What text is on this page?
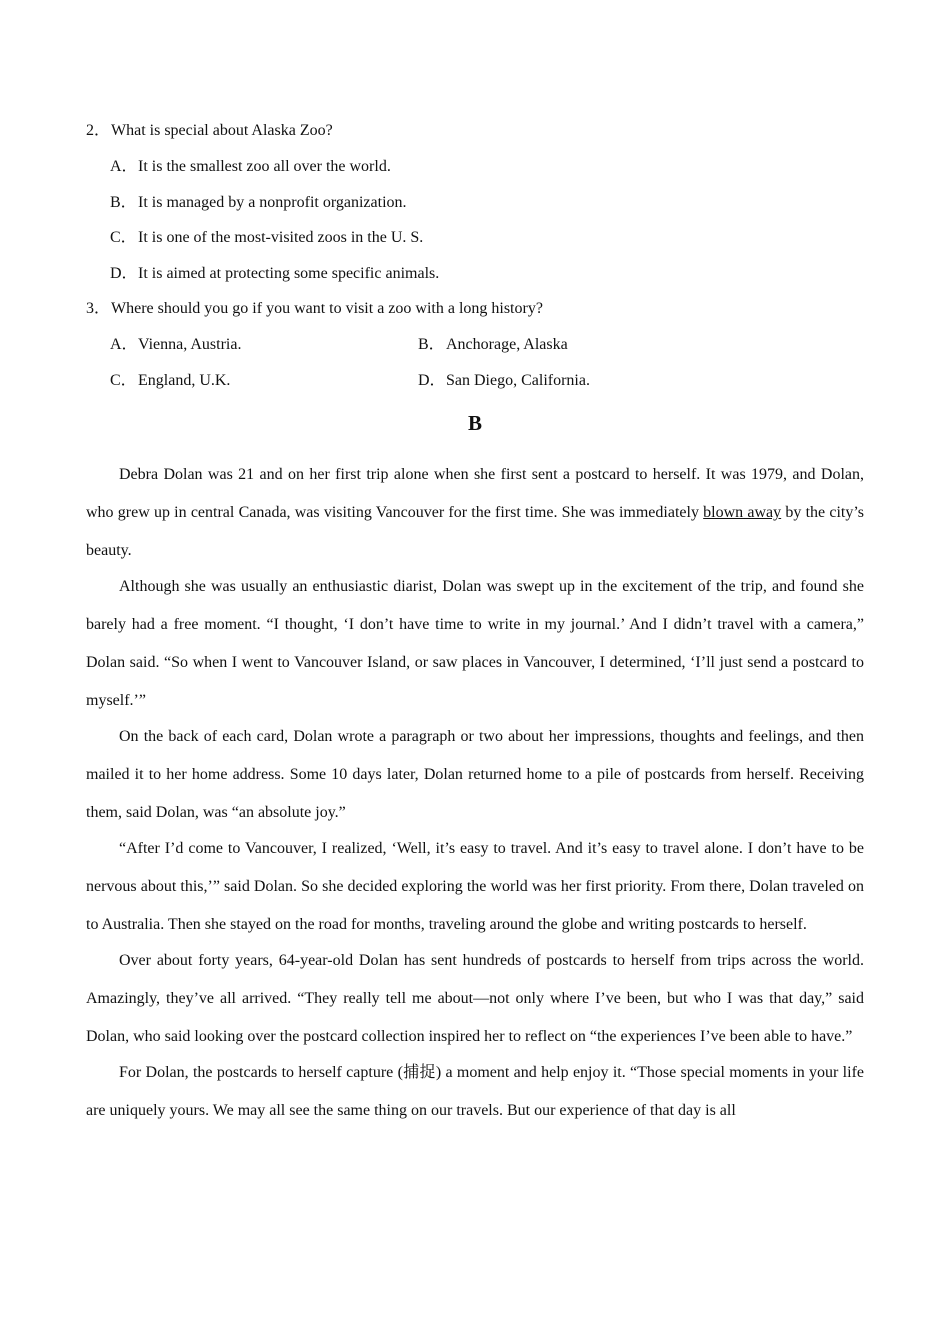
2．What is special about Alaska Zoo?
A．It is the smallest zoo all over the world.
B．It is managed by a nonprofit organization.
C．It is one of the most-visited zoos in the U. S.
D．It is aimed at protecting some specific animals.
3．Where should you go if you want to visit a zoo with a long history?
A．Vienna, Austria.	B．Anchorage, Alaska
C．England, U.K.	D．San Diego, California.
B

Debra Dolan was 21 and on her first trip alone when she first sent a postcard to herself. It was 1979, and Dolan, who grew up in central Canada, was visiting Vancouver for the first time. She was immediately blown away by the city’s beauty.

Although she was usually an enthusiastic diarist, Dolan was swept up in the excitement of the trip, and found she barely had a free moment. “I thought, ‘I don’t have time to write in my journal.’ And I didn’t travel with a camera,” Dolan said. “So when I went to Vancouver Island, or saw places in Vancouver, I determined, ‘I’ll just send a postcard to myself.’”

On the back of each card, Dolan wrote a paragraph or two about her impressions, thoughts and feelings, and then mailed it to her home address. Some 10 days later, Dolan returned home to a pile of postcards from herself. Receiving them, said Dolan, was “an absolute joy.”

“After I’d come to Vancouver, I realized, ‘Well, it’s easy to travel. And it’s easy to travel alone. I don’t have to be nervous about this,’” said Dolan. So she decided exploring the world was her first priority. From there, Dolan traveled on to Australia. Then she stayed on the road for months, traveling around the globe and writing postcards to herself.

Over about forty years, 64-year-old Dolan has sent hundreds of postcards to herself from trips across the world. Amazingly, they’ve all arrived. “They really tell me about—not only where I’ve been, but who I was that day,” said Dolan, who said looking over the postcard collection inspired her to reflect on “the experiences I’ve been able to have.”

For Dolan, the postcards to herself capture (捕捉) a moment and help enjoy it. “Those special moments in your life are uniquely yours. We may all see the same thing on our travels. But our experience of that day is all
